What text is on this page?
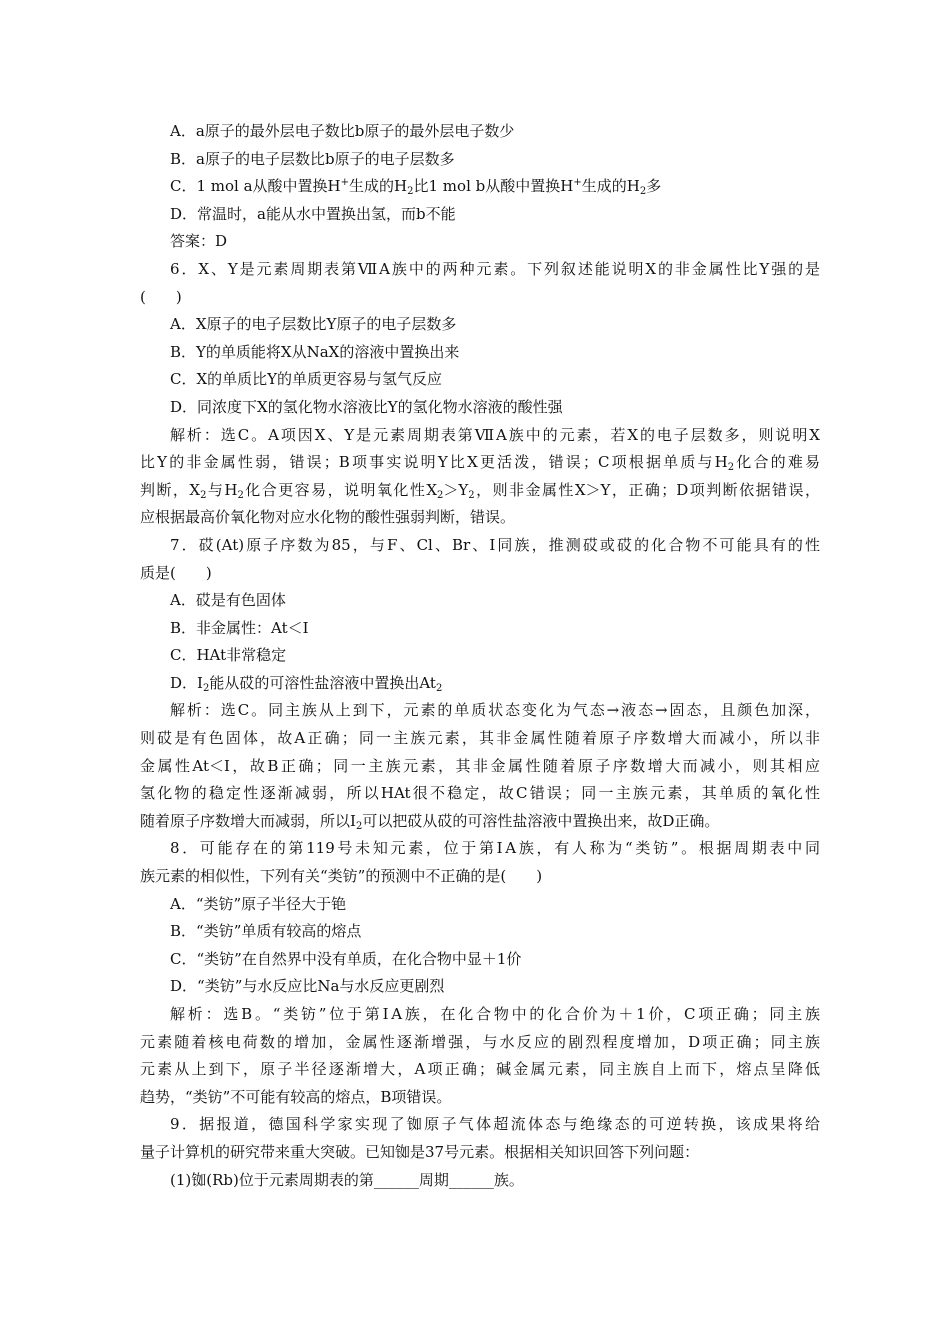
A．a原子的最外层电子数比b原子的最外层电子数少
B．a原子的电子层数比b原子的电子层数多
C．1 mol a从酸中置换H+生成的$H_2$比1 mol b从酸中置换H+生成的$H_2$多
D．常温时，a能从水中置换出氢，而b不能
答案：D
6．X、Y是元素周期表第ⅦA族中的两种元素。下列叙述能说明X的非金属性比Y强的是
(　　)
A．X原子的电子层数比Y原子的电子层数多
B．Y的单质能将X从NaX的溶液中置换出来
C．X的单质比Y的单质更容易与氢气反应
D．同浓度下X的氢化物水溶液比Y的氢化物水溶液的酸性强
解析：选C。A项因X、Y是元素周期表第ⅦA族中的元素，若X的电子层数多，则说明X
比Y的非金属性弱，错误；B项事实说明Y比X更活泼，错误；C项根据单质与$H_2$化合的难易
判断，$X_2$与$H_2$化合更容易，说明氧化性$X_2>Y_2$，则非金属性X＞Y，正确；D项判断依据错误，
应根据最高价氧化物对应水化物的酸性强弱判断，错误。
7．砹(At)原子序数为85，与F、Cl、Br、I同族，推测砹或砹的化合物不可能具有的性
质是(　　)
A．砹是有色固体
B．非金属性：At＜I
C．HAt非常稳定
D．$I_2$能从砹的可溶性盐溶液中置换出$At_2$
解析：选C。同主族从上到下，元素的单质状态变化为气态→液态→固态，且颜色加深，
则砹是有色固体，故A正确；同一主族元素，其非金属性随着原子序数增大而减小，所以非
金属性At＜I，故B正确；同一主族元素，其非金属性随着原子序数增大而减小，则其相应
氢化物的稳定性逐渐减弱，所以HAt很不稳定，故C错误；同一主族元素，其单质的氧化性
随着原子序数增大而减弱，所以$I_2$可以把砹从砹的可溶性盐溶液中置换出来，故D正确。
8．可能存在的第119号未知元素，位于第ⅠA族，有人称为“类钫”。根据周期表中同
族元素的相似性，下列有关“类钫”的预测中不正确的是(　　)
A．“类钫”原子半径大于铯
B．“类钫”单质有较高的熔点
C．“类钫”在自然界中没有单质，在化合物中显＋1价
D．“类钫”与水反应比Na与水反应更剧烈
解析：选B。“类钫”位于第ⅠA族，在化合物中的化合价为＋1价，C项正确；同主族
元素随着核电荷数的增加，金属性逐渐增强，与水反应的剧烈程度增加，D项正确；同主族
元素从上到下，原子半径逐渐增大，A项正确；碱金属元素，同主族自上而下，熔点呈降低
趋势，“类钫”不可能有较高的熔点，B项错误。
9．据报道，德国科学家实现了铷原子气体超流体态与绝缘态的可逆转换，该成果将给
量子计算机的研究带来重大突破。已知铷是37号元素。根据相关知识回答下列问题：
(1)铷(Rb)位于元素周期表的第______周期______族。
